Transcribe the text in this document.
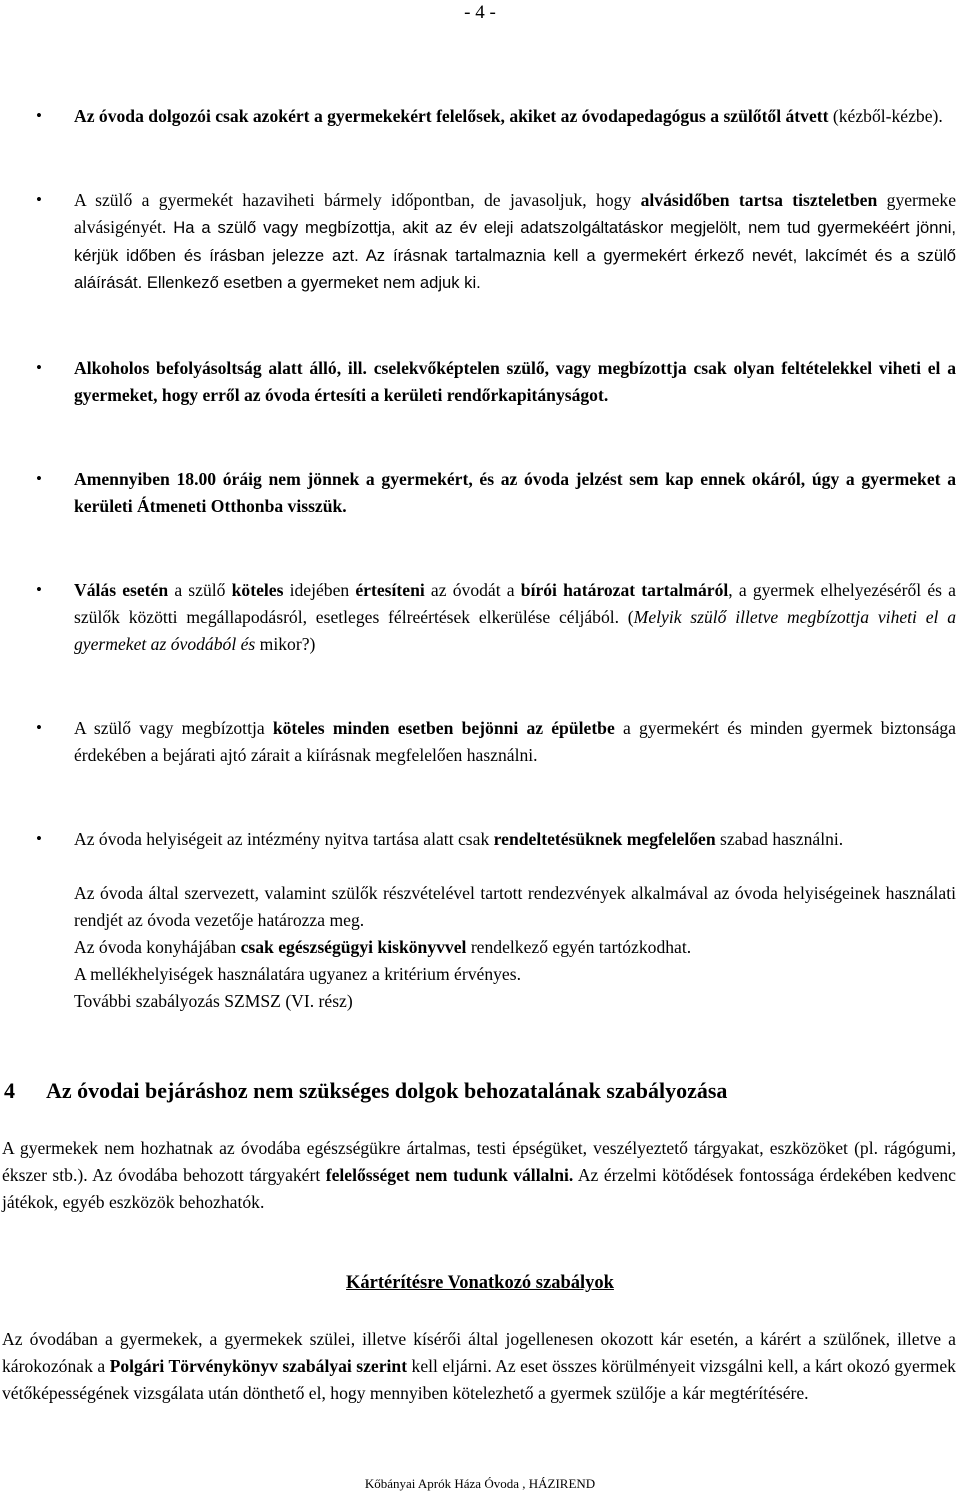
- 4 -
• Az óvoda dolgozói csak azokért a gyermekekért felelősek, akiket az óvodapedagógus a szülőtől átvett (kézből-kézbe).
• A szülő a gyermekét hazaviheti bármely időpontban, de javasoljuk, hogy alvásidőben tartsa tiszteletben gyermeke alvásigényét. Ha a szülő vagy megbízottja, akit az év eleji adatszolgáltatáskor megjelölt, nem tud gyermekéért jönni, kérjük időben és írásban jelezze azt. Az írásnak tartalmaznia kell a gyermekért érkező nevét, lakcímét és a szülő aláírását. Ellenkező esetben a gyermeket nem adjuk ki.
• Alkoholos befolyásoltság alatt álló, ill. cselekvőképtelen szülő, vagy megbízottja csak olyan feltételekkel viheti el a gyermeket, hogy erről az óvoda értesíti a kerületi rendőrkapitányságot.
• Amennyiben 18.00 óráig nem jönnek a gyermekért, és az óvoda jelzést sem kap ennek okáról, úgy a gyermeket a kerületi Átmeneti Otthonba visszük.
• Válás esetén a szülő köteles idejében értesíteni az óvodát a bírói határozat tartalmáról, a gyermek elhelyezéséről és a szülők közötti megállapodásról, esetleges félreértések elkerülése céljából. (Melyik szülő illetve megbízottja viheti el a gyermeket az óvodából és mikor?)
• A szülő vagy megbízottja köteles minden esetben bejönni az épületbe a gyermekért és minden gyermek biztonsága érdekében a bejárati ajtó zárait a kiírásnak megfelelően használni.
• Az óvoda helyiségeit az intézmény nyitva tartása alatt csak rendeltetésüknek megfelelően szabad használni.
Az óvoda által szervezett, valamint szülők részvételével tartott rendezvények alkalmával az óvoda helyiségeinek használati rendjét az óvoda vezetője határozza meg.
Az óvoda konyhájában csak egészségügyi kiskönyvvel rendelkező egyén tartózkodhat.
A mellékhelyiségek használatára ugyanez a kritérium érvényes.
További szabályozás SZMSZ (VI. rész)
4 Az óvodai bejáráshoz nem szükséges dolgok behozatalának szabályozása
A gyermekek nem hozhatnak az óvodába egészségükre ártalmas, testi épségüket, veszélyeztető tárgyakat, eszközöket (pl. rágógumi, ékszer stb.). Az óvodába behozott tárgyakért felelősséget nem tudunk vállalni. Az érzelmi kötődések fontossága érdekében kedvenc játékok, egyéb eszközök behozhatók.
Kártérítésre Vonatkozó szabályok
Az óvodában a gyermekek, a gyermekek szülei, illetve kísérői által jogellenesen okozott kár esetén, a kárért a szülőnek, illetve a károkozónak a Polgári Törvénykönyv szabályai szerint kell eljárni. Az eset összes körülményeit vizsgálni kell, a kárt okozó gyermek vétőképességének vizsgálata után dönthető el, hogy mennyiben kötelezhető a gyermek szülője a kár megtérítésére.
Kőbányai Aprók Háza Óvoda , HÁZIREND
